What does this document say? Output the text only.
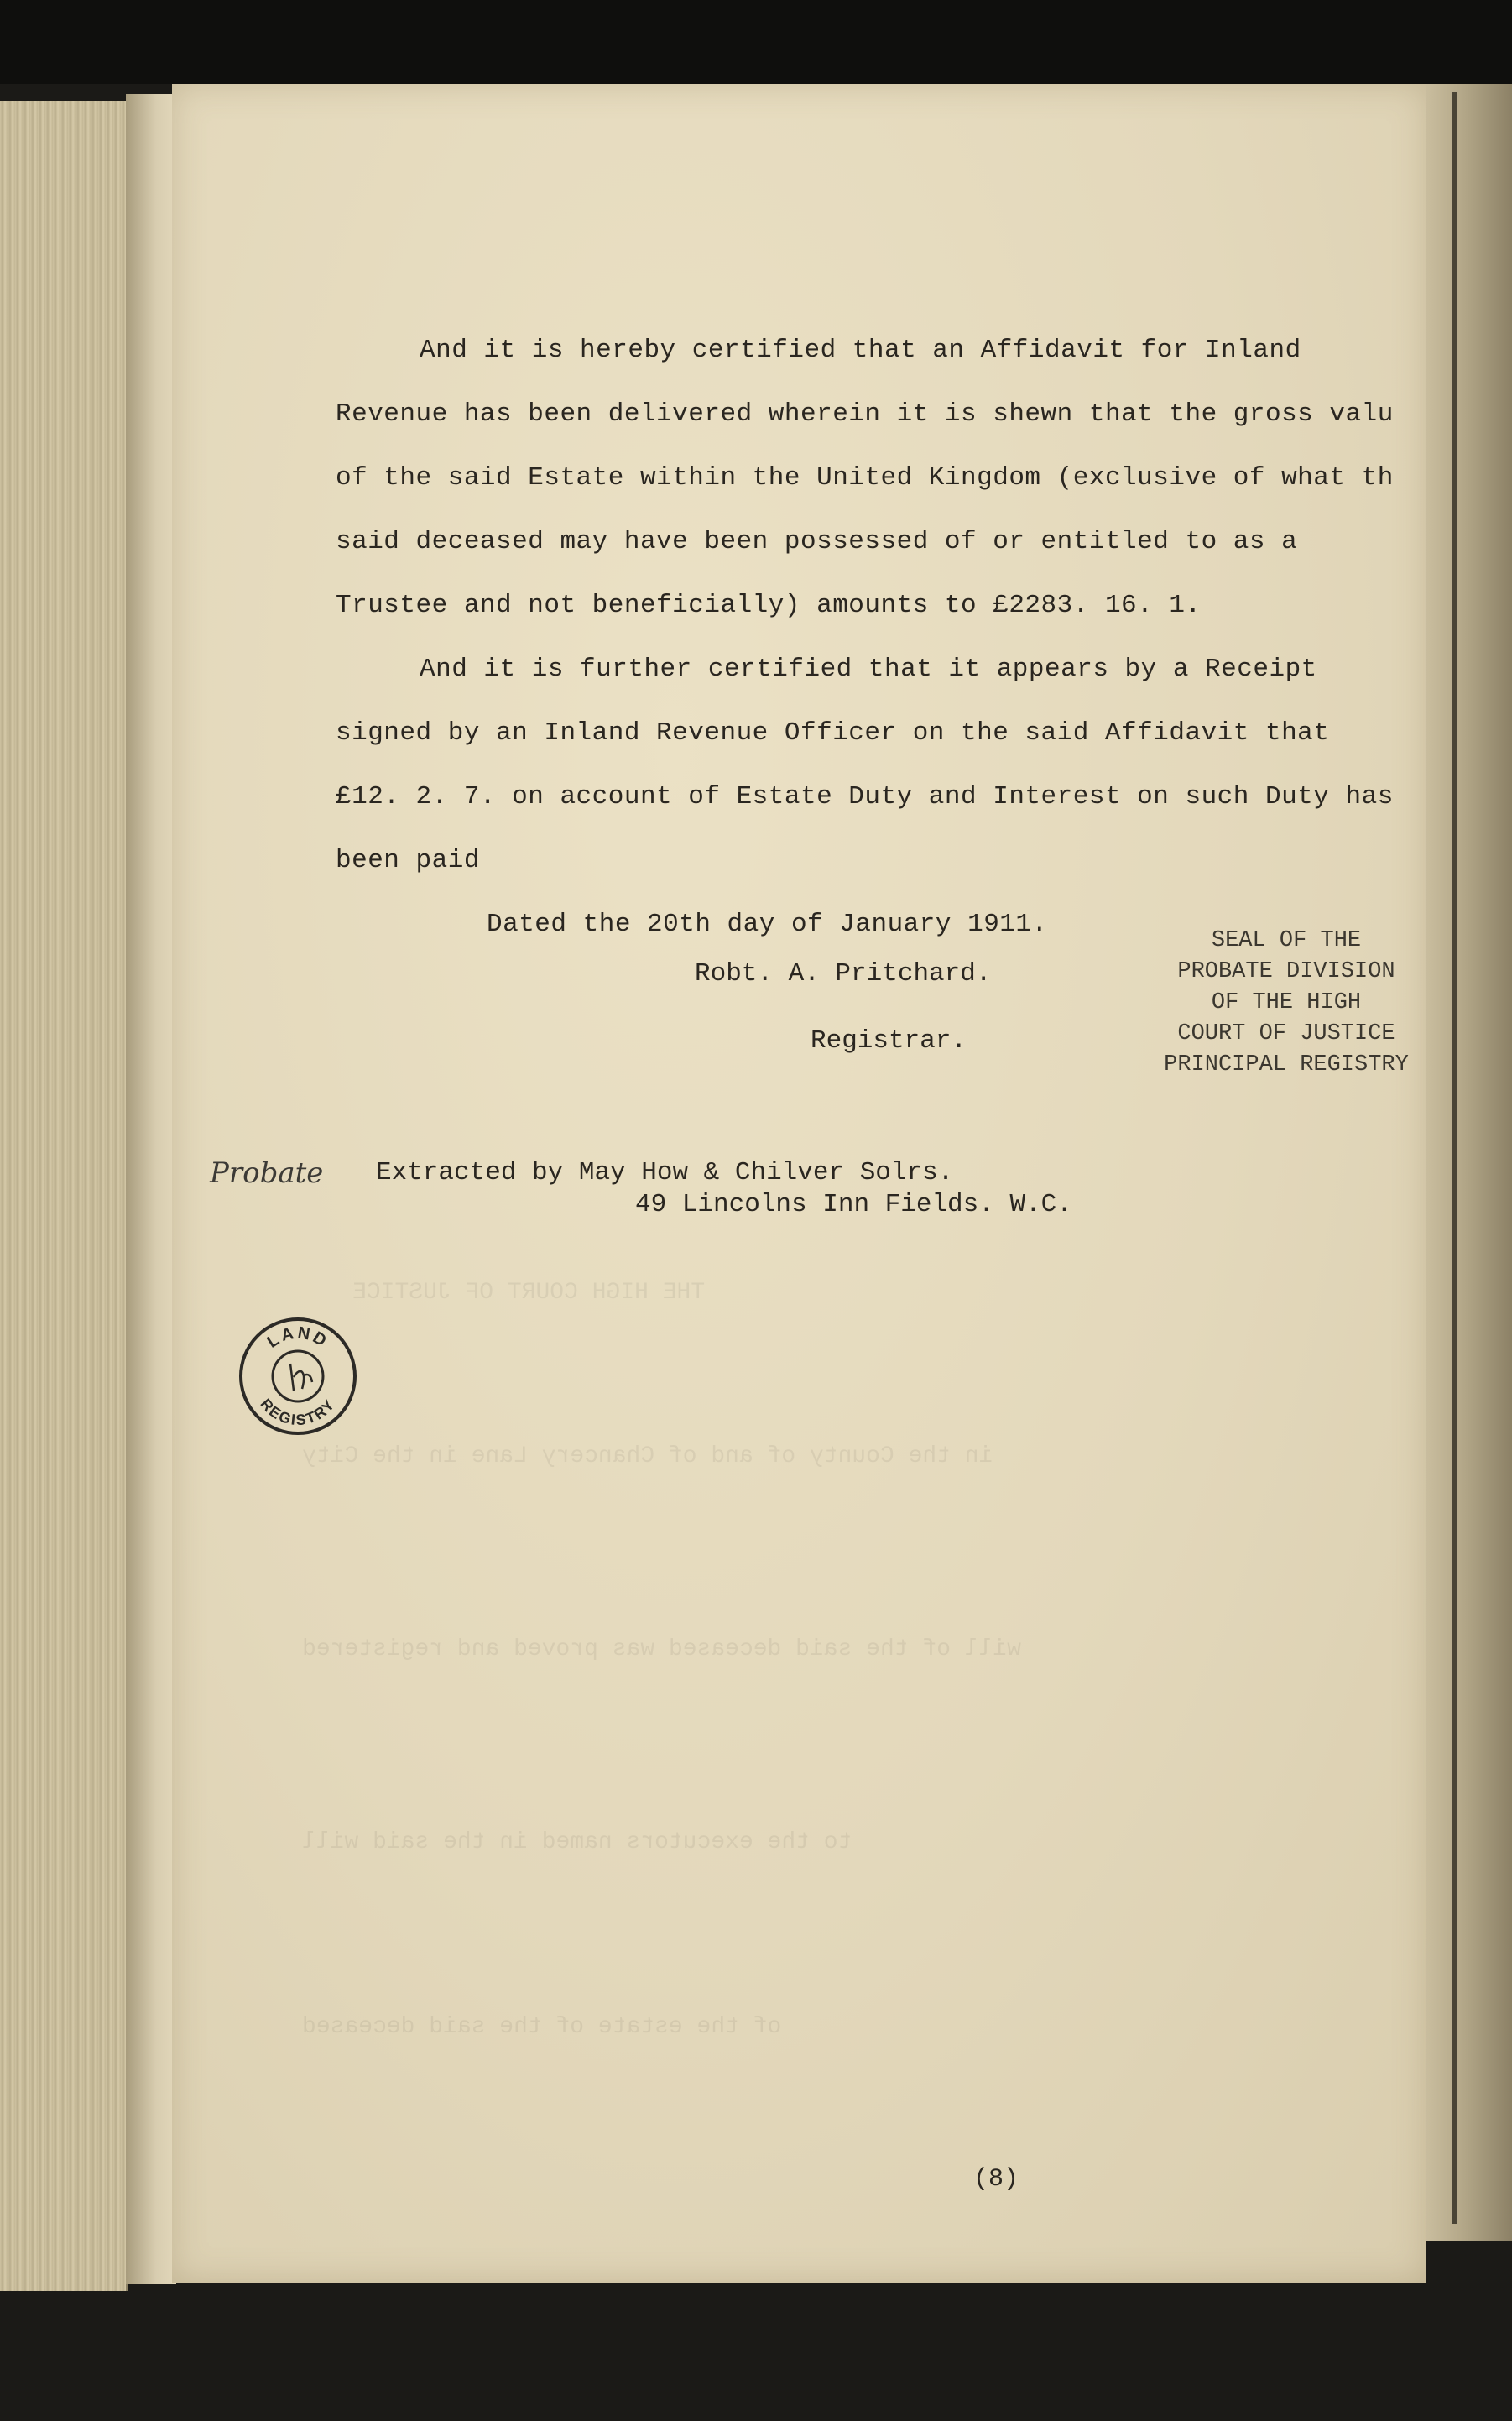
THE HIGH COURT OF JUSTICE
in the County of and of Chancery Lane in the City
will of the said deceased was proved and registered
to the executors named in the said will
of the estate of the said deceased
And it is hereby certified that an Affidavit for Inland
Revenue has been delivered wherein it is shewn that the gross valu
of the said Estate within the United Kingdom (exclusive of what th
said deceased may have been possessed of or entitled to as a
Trustee and not beneficially) amounts to £2283. 16. 1.
And it is further certified that it appears by a Receipt
signed by an Inland Revenue Officer on the said Affidavit that
£12. 2. 7. on account of Estate Duty and Interest on such Duty has
been paid
Dated the 20th day of January 1911.
Robt. A. Pritchard.
Registrar.
SEAL OF THE
PROBATE DIVISION
OF THE HIGH
COURT OF JUSTICE
PRINCIPAL REGISTRY
Probate Extracted by May How & Chilver Solrs.
49 Lincolns Inn Fields. W.C.
LAND
REGISTRY
(8)
